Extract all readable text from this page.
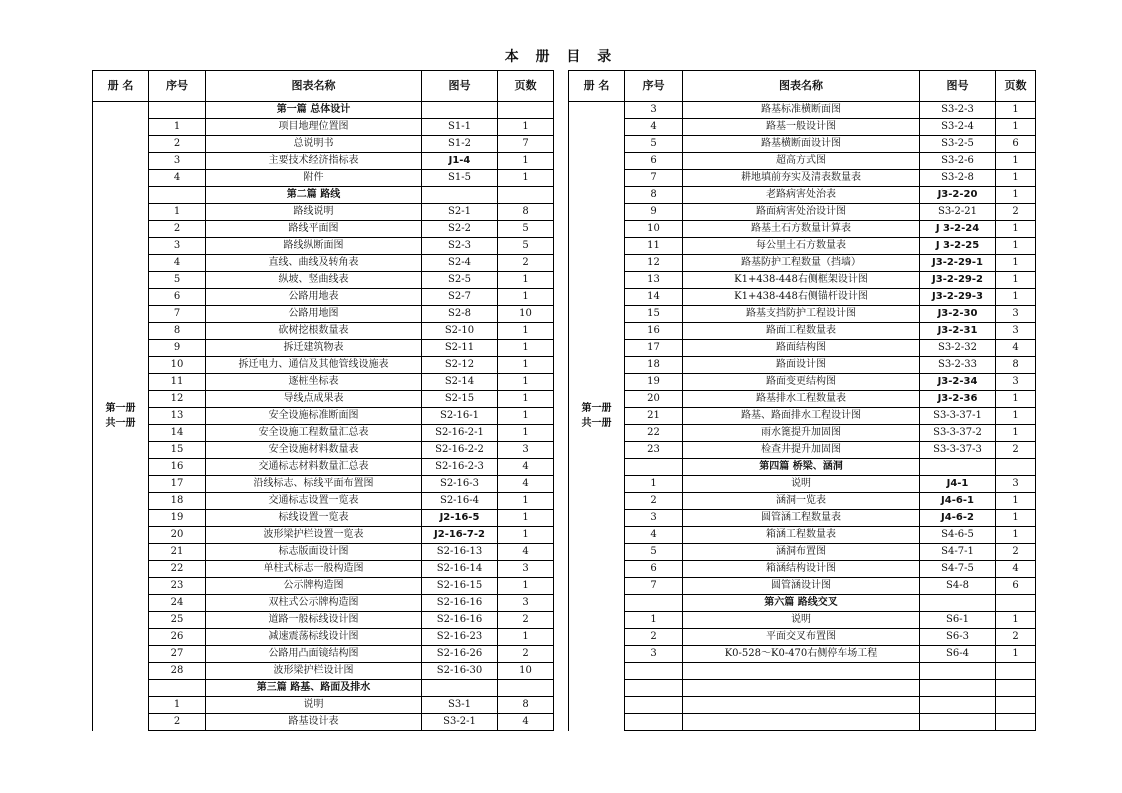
本 册 目 录
册 名	序号	图表名称	图号	页数

第一册
共一册		第一篇 总体设计		
	1	项目地理位置图	S1-1	1
	2	总说明书	S1-2	7
	3	主要技术经济指标表	J1-4	1
	4	附件	S1-5	1
		第二篇 路线		
	1	路线说明	S2-1	8
	2	路线平面图	S2-2	5
	3	路线纵断面图	S2-3	5
	4	直线、曲线及转角表	S2-4	2
	5	纵坡、竖曲线表	S2-5	1
	6	公路用地表	S2-7	1
	7	公路用地图	S2-8	10
	8	砍树挖根数量表	S2-10	1
	9	拆迁建筑物表	S2-11	1
	10	拆迁电力、通信及其他管线设施表	S2-12	1
	11	逐桩坐标表	S2-14	1
	12	导线点成果表	S2-15	1
	13	安全设施标准断面图	S2-16-1	1
	14	安全设施工程数量汇总表	S2-16-2-1	1
	15	安全设施材料数量表	S2-16-2-2	3
	16	交通标志材料数量汇总表	S2-16-2-3	4
	17	沿线标志、标线平面布置图	S2-16-3	4
	18	交通标志设置一览表	S2-16-4	1
	19	标线设置一览表	J2-16-5	1
	20	波形梁护栏设置一览表	J2-16-7-2	1
	21	标志版面设计图	S2-16-13	4
	22	单柱式标志一般构造图	S2-16-14	3
	23	公示牌构造图	S2-16-15	1
	24	双柱式公示牌构造图	S2-16-16	3
	25	道路一般标线设计图	S2-16-16	2
	26	减速震荡标线设计图	S2-16-23	1
	27	公路用凸面镜结构图	S2-16-26	2
	28	波形梁护栏设计图	S2-16-30	10
		第三篇 路基、路面及排水		
	1	说明	S3-1	8
	2	路基设计表	S3-2-1	4
册 名	序号	图表名称	图号	页数

第一册
共一册	3	路基标准横断面图	S3-2-3	1
	4	路基一般设计图	S3-2-4	1
	5	路基横断面设计图	S3-2-5	6
	6	超高方式图	S3-2-6	1
	7	耕地填前夯实及清表数量表	S3-2-8	1
	8	老路病害处治表	J3-2-20	1
	9	路面病害处治设计图	S3-2-21	2
	10	路基土石方数量计算表	J 3-2-24	1
	11	每公里土石方数量表	J 3-2-25	1
	12	路基防护工程数量（挡墙）	J3-2-29-1	1
	13	K1+438-448右侧框架设计图	J3-2-29-2	1
	14	K1+438-448右侧锚杆设计图	J3-2-29-3	1
	15	路基支挡防护工程设计图	J3-2-30	3
	16	路面工程数量表	J3-2-31	3
	17	路面结构图	S3-2-32	4
	18	路面设计图	S3-2-33	8
	19	路面变更结构图	J3-2-34	3
	20	路基排水工程数量表	J3-2-36	1
	21	路基、路面排水工程设计图	S3-3-37-1	1
	22	雨水篦提升加固图	S3-3-37-2	1
	23	检查井提升加固图	S3-3-37-3	2
		第四篇 桥梁、涵洞		
	1	说明	J4-1	3
	2	涵洞一览表	J4-6-1	1
	3	圆管涵工程数量表	J4-6-2	1
	4	箱涵工程数量表	S4-6-5	1
	5	涵洞布置图	S4-7-1	2
	6	箱涵结构设计图	S4-7-5	4
	7	圆管涵设计图	S4-8	6
		第六篇 路线交叉		
	1	说明	S6-1	1
	2	平面交叉布置图	S6-3	2
	3	K0-528～K0-470右侧停车场工程	S6-4	1
